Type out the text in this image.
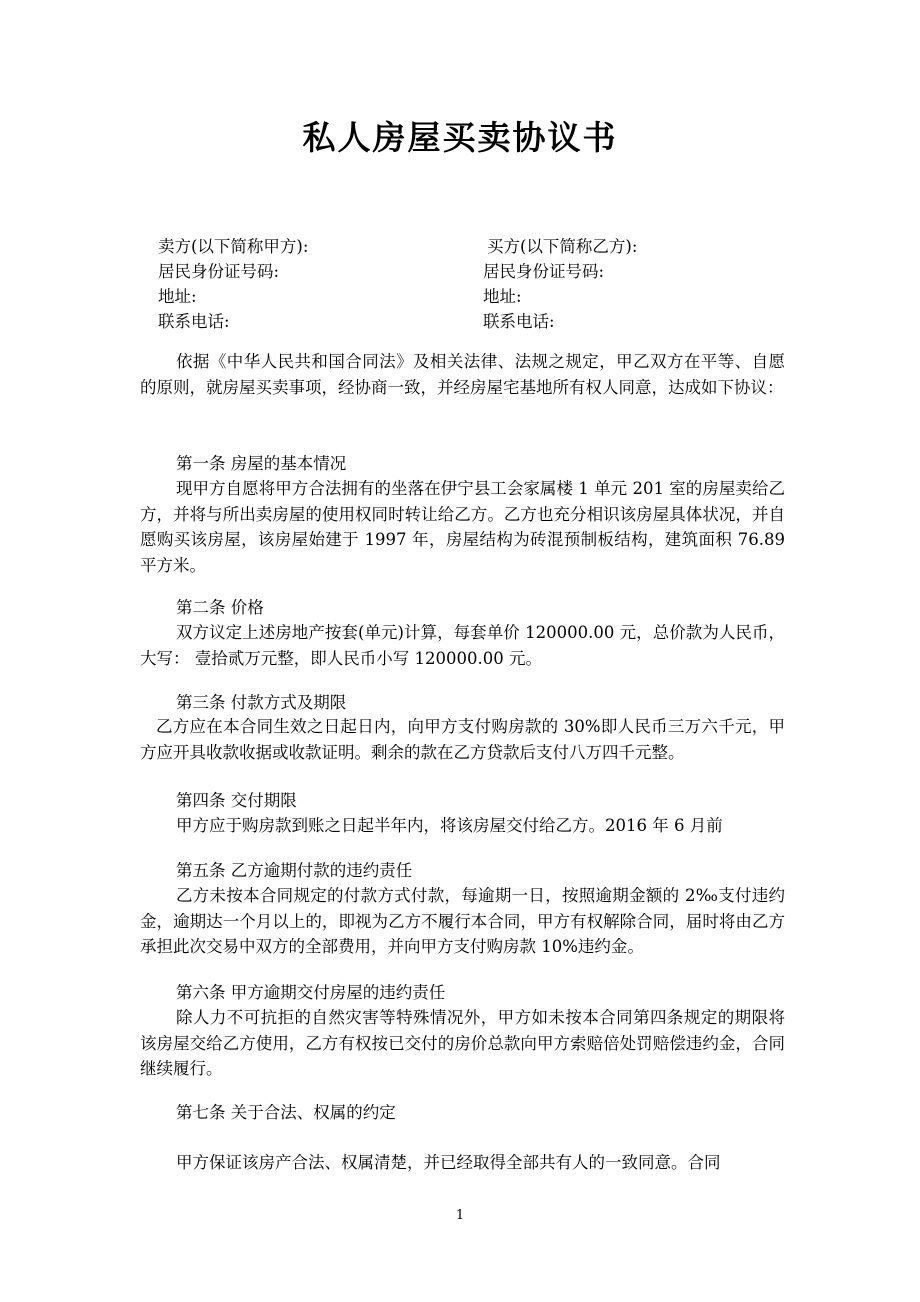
私人房屋买卖协议书
卖方(以下简称甲方):
居民身份证号码:
地址:
联系电话:
买方(以下简称乙方):
居民身份证号码:
地址:
联系电话:
依据《中华人民共和国合同法》及相关法律、法规之规定，甲乙双方在平等、自愿的原则，就房屋买卖事项，经协商一致，并经房屋宅基地所有权人同意，达成如下协议：
第一条 房屋的基本情况
现甲方自愿将甲方合法拥有的坐落在伊宁县工会家属楼 1 单元 201 室的房屋卖给乙方，并将与所出卖房屋的使用权同时转让给乙方。乙方也充分相识该房屋具体状况，并自愿购买该房屋，该房屋始建于 1997 年，房屋结构为砖混预制板结构，建筑面积 76.89 平方米。
第二条 价格
双方议定上述房地产按套(单元)计算，每套单价 120000.00 元，总价款为人民币，大写： 壹拾贰万元整，即人民币小写 120000.00 元。
第三条 付款方式及期限
乙方应在本合同生效之日起日内，向甲方支付购房款的 30%即人民币三万六千元，甲方应开具收款收据或收款证明。剩余的款在乙方贷款后支付八万四千元整。
第四条 交付期限
甲方应于购房款到账之日起半年内，将该房屋交付给乙方。2016 年 6 月前
第五条 乙方逾期付款的违约责任
乙方未按本合同规定的付款方式付款，每逾期一日，按照逾期金额的 2‰支付违约金，逾期达一个月以上的，即视为乙方不履行本合同，甲方有权解除合同，届时将由乙方承担此次交易中双方的全部费用，并向甲方支付购房款 10%违约金。
第六条 甲方逾期交付房屋的违约责任
除人力不可抗拒的自然灾害等特殊情况外，甲方如未按本合同第四条规定的期限将该房屋交给乙方使用，乙方有权按已交付的房价总款向甲方索赔倍处罚赔偿违约金，合同继续履行。
第七条 关于合法、权属的约定
甲方保证该房产合法、权属清楚，并已经取得全部共有人的一致同意。合同
1
